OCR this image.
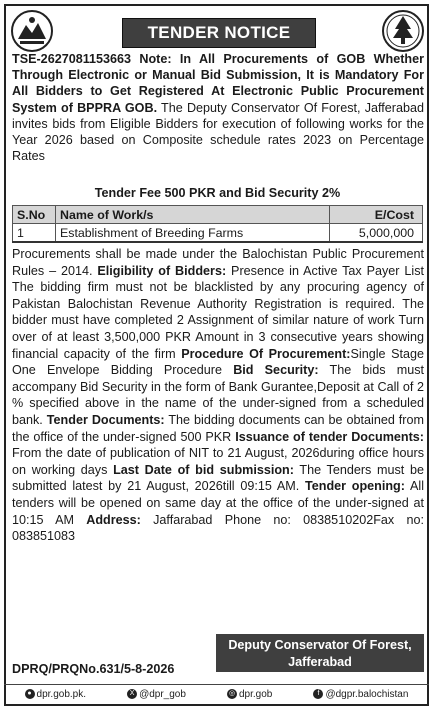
TENDER NOTICE
TSE-2627081153663 Note: In All Procurements of GOB Whether Through Electronic or Manual Bid Submission, It is Mandatory For All Bidders to Get Registered At Electronic Public Procurement System of BPPRA GOB. The Deputy Conservator Of Forest, Jafferabad invites bids from Eligible Bidders for execution of following works for the Year 2026 based on Composite schedule rates 2023 on Percentage Rates
Tender Fee 500 PKR and Bid Security 2%
S.No	Name of Work/s	E/Cost
1	Establishment of Breeding Farms	5,000,000
Procurements shall be made under the Balochistan Public Procurement Rules – 2014. Eligibility of Bidders: Presence in Active Tax Payer List The bidding firm must not be blacklisted by any procuring agency of Pakistan Balochistan Revenue Authority Registration is required. The bidder must have completed 2 Assignment of similar nature of work Turn over of at least 3,500,000 PKR Amount in 3 consecutive years showing financial capacity of the firm Procedure Of Procurement:Single Stage One Envelope Bidding Procedure Bid Security: The bids must accompany Bid Security in the form of Bank Gurantee,Deposit at Call of 2 % specified above in the name of the under-signed from a scheduled bank. Tender Documents: The bidding documents can be obtained from the office of the under-signed 500 PKR Issuance of tender Documents: From the date of publication of NIT to 21 August, 2026during office hours on working days Last Date of bid submission: The Tenders must be submitted latest by 21 August, 2026till 09:15 AM. Tender opening: All tenders will be opened on same day at the office of the under-signed at 10:15 AM Address: Jaffarabad Phone no: 0838510202Fax no: 083851083
Deputy Conservator Of Forest,
Jafferabad
DPRQ/PRQNo.631/5-8-2026
● dpr.gob.pk.	X @dpr_gob	◎ dpr.gob	f @dgpr.balochistan
